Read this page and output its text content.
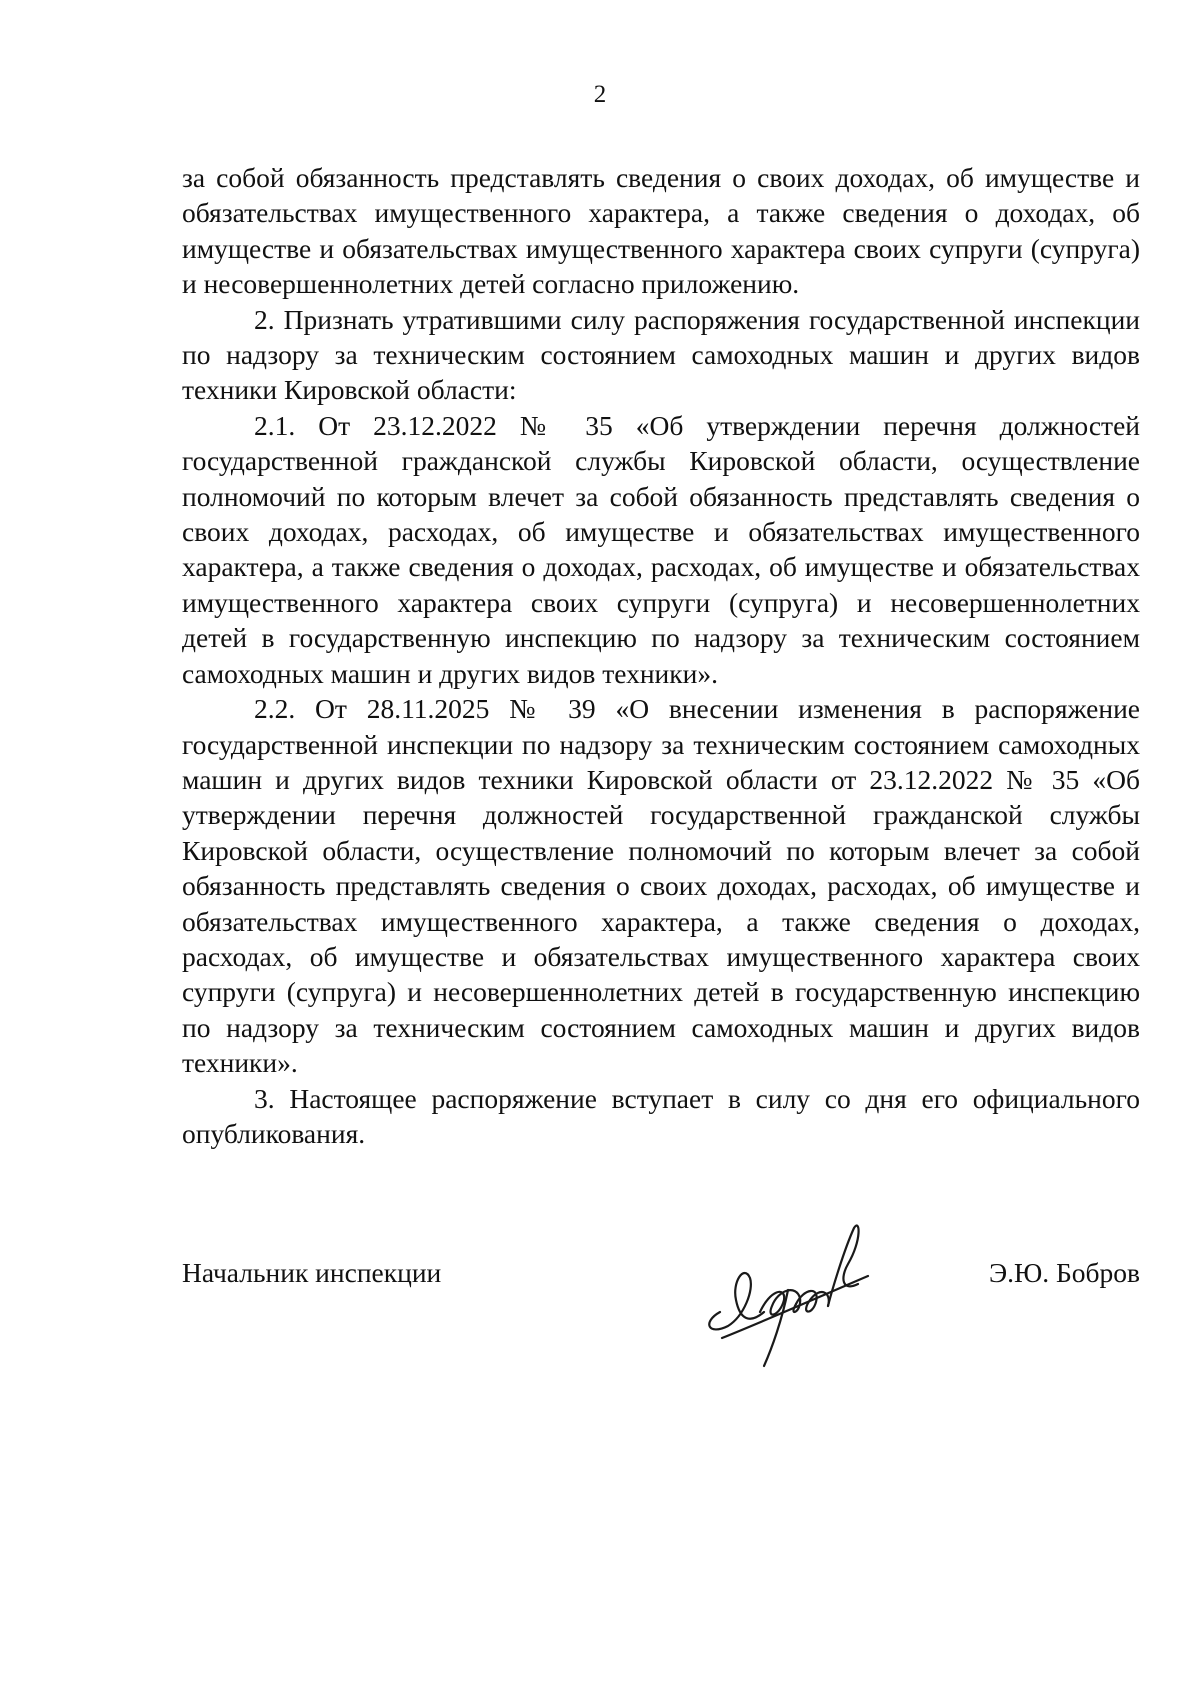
2

за собой обязанность представлять сведения о своих доходах, об имуществе и обязательствах имущественного характера, а также сведения о доходах, об имуществе и обязательствах имущественного характера своих супруги (супруга) и несовершеннолетних детей согласно приложению.

2. Признать утратившими силу распоряжения государственной инспекции по надзору за техническим состоянием самоходных машин и других видов техники Кировской области:

2.1. От 23.12.2022 № 35 «Об утверждении перечня должностей государственной гражданской службы Кировской области, осуществление полномочий по которым влечет за собой обязанность представлять сведения о своих доходах, расходах, об имуществе и обязательствах имущественного характера, а также сведения о доходах, расходах, об имуществе и обязательствах имущественного характера своих супруги (супруга) и несовершеннолетних детей в государственную инспекцию по надзору за техническим состоянием самоходных машин и других видов техники».

2.2. От 28.11.2025 № 39 «О внесении изменения в распоряжение государственной инспекции по надзору за техническим состоянием самоходных машин и других видов техники Кировской области от 23.12.2022 № 35 «Об утверждении перечня должностей государственной гражданской службы Кировской области, осуществление полномочий по которым влечет за собой обязанность представлять сведения о своих доходах, расходах, об имуществе и обязательствах имущественного характера, а также сведения о доходах, расходах, об имуществе и обязательствах имущественного характера своих супруги (супруга) и несовершеннолетних детей в государственную инспекцию по надзору за техническим состоянием самоходных машин и других видов техники».

3. Настоящее распоряжение вступает в силу со дня его официального опубликования.

Начальник инспекции	Э.Ю. Бобров
